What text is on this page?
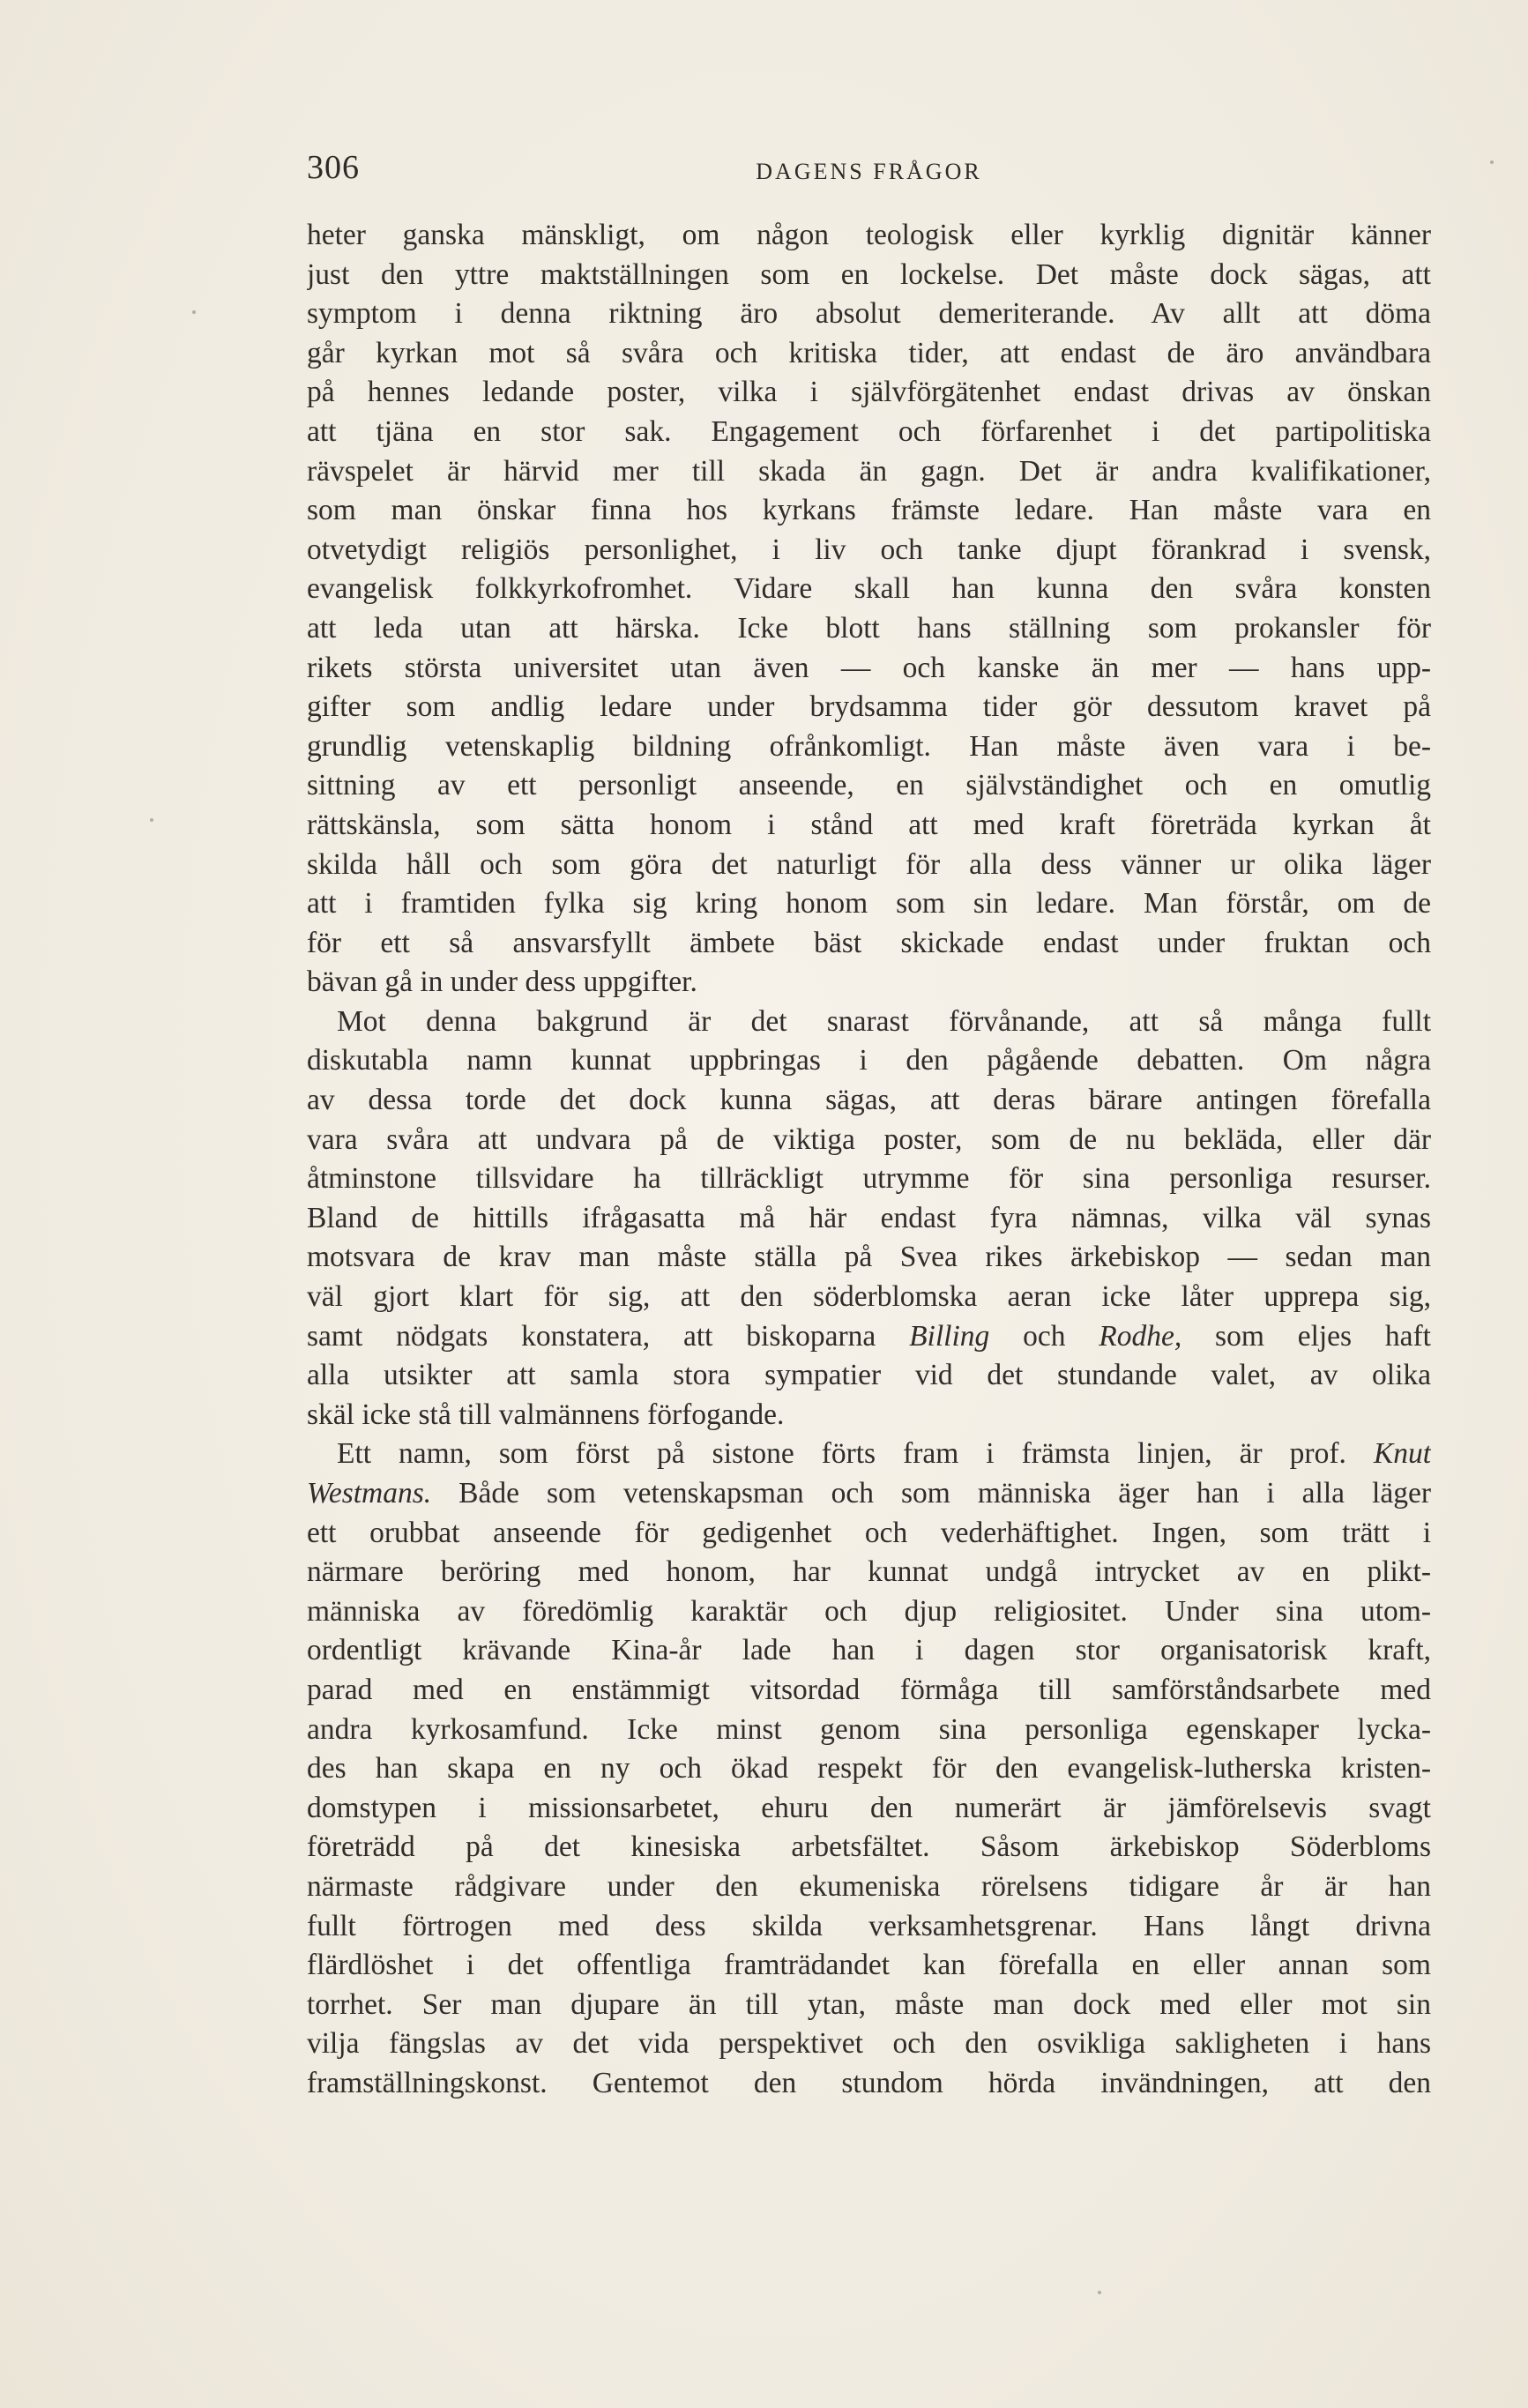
306	DAGENS FRÅGOR
heter ganska mänskligt, om någon teologisk eller kyrklig dignitär känner
just den yttre maktställningen som en lockelse. Det måste dock sägas, att
symptom i denna riktning äro absolut demeriterande. Av allt att döma
går kyrkan mot så svåra och kritiska tider, att endast de äro användbara
på hennes ledande poster, vilka i självförgätenhet endast drivas av önskan
att tjäna en stor sak. Engagement och förfarenhet i det partipolitiska
rävspelet är härvid mer till skada än gagn. Det är andra kvalifikationer,
som man önskar finna hos kyrkans främste ledare. Han måste vara en
otvetydigt religiös personlighet, i liv och tanke djupt förankrad i svensk,
evangelisk folkkyrkofromhet. Vidare skall han kunna den svåra konsten
att leda utan att härska. Icke blott hans ställning som prokansler för
rikets största universitet utan även — och kanske än mer — hans upp-
gifter som andlig ledare under brydsamma tider gör dessutom kravet på
grundlig vetenskaplig bildning ofrånkomligt. Han måste även vara i be-
sittning av ett personligt anseende, en självständighet och en omutlig
rättskänsla, som sätta honom i stånd att med kraft företräda kyrkan åt
skilda håll och som göra det naturligt för alla dess vänner ur olika läger
att i framtiden fylka sig kring honom som sin ledare. Man förstår, om de
för ett så ansvarsfyllt ämbete bäst skickade endast under fruktan och
bävan gå in under dess uppgifter.
Mot denna bakgrund är det snarast förvånande, att så många fullt
diskutabla namn kunnat uppbringas i den pågående debatten. Om några
av dessa torde det dock kunna sägas, att deras bärare antingen förefalla
vara svåra att undvara på de viktiga poster, som de nu bekläda, eller där
åtminstone tillsvidare ha tillräckligt utrymme för sina personliga resurser.
Bland de hittills ifrågasatta må här endast fyra nämnas, vilka väl synas
motsvara de krav man måste ställa på Svea rikes ärkebiskop — sedan man
väl gjort klart för sig, att den söderblomska aeran icke låter upprepa sig,
samt nödgats konstatera, att biskoparna Billing och Rodhe, som eljes haft
alla utsikter att samla stora sympatier vid det stundande valet, av olika
skäl icke stå till valmännens förfogande.
Ett namn, som först på sistone förts fram i främsta linjen, är prof. Knut
Westmans. Både som vetenskapsman och som människa äger han i alla läger
ett orubbat anseende för gedigenhet och vederhäftighet. Ingen, som trätt i
närmare beröring med honom, har kunnat undgå intrycket av en plikt-
människa av föredömlig karaktär och djup religiositet. Under sina utom-
ordentligt krävande Kina-år lade han i dagen stor organisatorisk kraft,
parad med en enstämmigt vitsordad förmåga till samförståndsarbete med
andra kyrkosamfund. Icke minst genom sina personliga egenskaper lycka-
des han skapa en ny och ökad respekt för den evangelisk-lutherska kristen-
domstypen i missionsarbetet, ehuru den numerärt är jämförelsevis svagt
företrädd på det kinesiska arbetsfältet. Såsom ärkebiskop Söderbloms
närmaste rådgivare under den ekumeniska rörelsens tidigare år är han
fullt förtrogen med dess skilda verksamhetsgrenar. Hans långt drivna
flärdlöshet i det offentliga framträdandet kan förefalla en eller annan som
torrhet. Ser man djupare än till ytan, måste man dock med eller mot sin
vilja fängslas av det vida perspektivet och den osvikliga sakligheten i hans
framställningskonst. Gentemot den stundom hörda invändningen, att den
